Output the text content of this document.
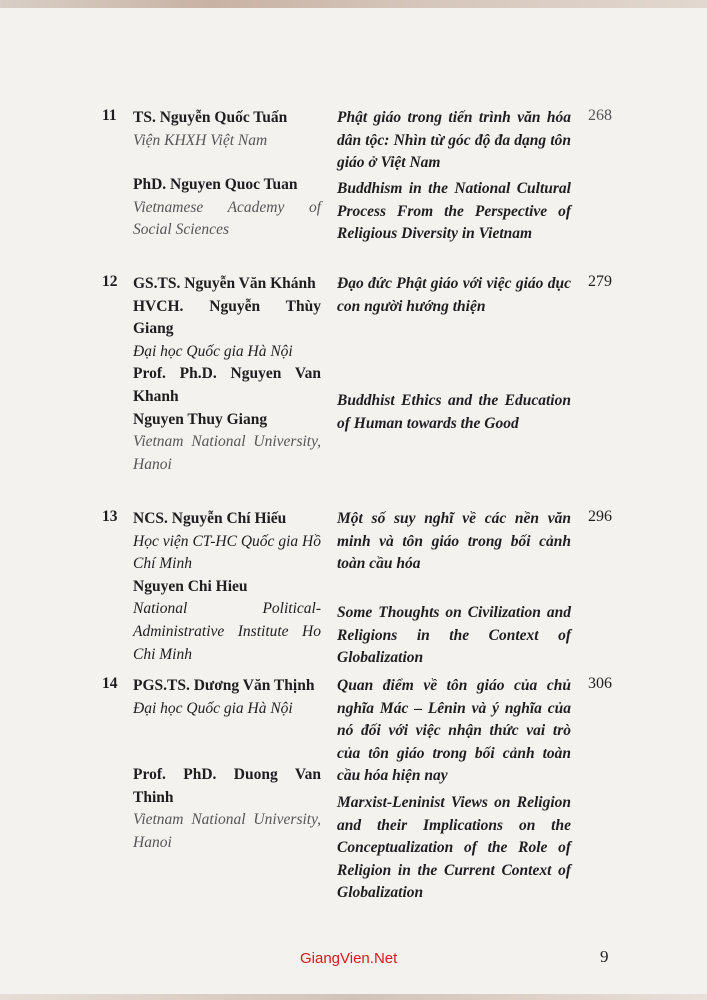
11 TS. Nguyễn Quốc Tuấn
Viện KHXH Việt Nam
PhD. Nguyen Quoc Tuan
Vietnamese Academy of Social Sciences
Phật giáo trong tiến trình văn hóa dân tộc: Nhìn từ góc độ đa dạng tôn giáo ở Việt Nam
Buddhism in the National Cultural Process From the Perspective of Religious Diversity in Vietnam
268
12 GS.TS. Nguyễn Văn Khánh
HVCH. Nguyễn Thùy Giang
Đại học Quốc gia Hà Nội
Prof. Ph.D. Nguyen Van Khanh
Nguyen Thuy Giang
Vietnam National University, Hanoi
Đạo đức Phật giáo với việc giáo dục con người hướng thiện
Buddhist Ethics and the Education of Human towards the Good
279
13 NCS. Nguyễn Chí Hiếu
Học viện CT-HC Quốc gia Hồ Chí Minh
Nguyen Chi Hieu
National Political-Administrative Institute Ho Chi Minh
Một số suy nghĩ về các nền văn minh và tôn giáo trong bối cảnh toàn cầu hóa
Some Thoughts on Civilization and Religions in the Context of Globalization
296
14 PGS.TS. Dương Văn Thịnh
Đại học Quốc gia Hà Nội
Prof. PhD. Duong Van Thinh
Vietnam National University, Hanoi
Quan điểm về tôn giáo của chủ nghĩa Mác – Lênin và ý nghĩa của nó đối với việc nhận thức vai trò của tôn giáo trong bối cảnh toàn cầu hóa hiện nay
Marxist-Leninist Views on Religion and their Implications on the Conceptualization of the Role of Religion in the Current Context of Globalization
306
GiangVien.Net	9
